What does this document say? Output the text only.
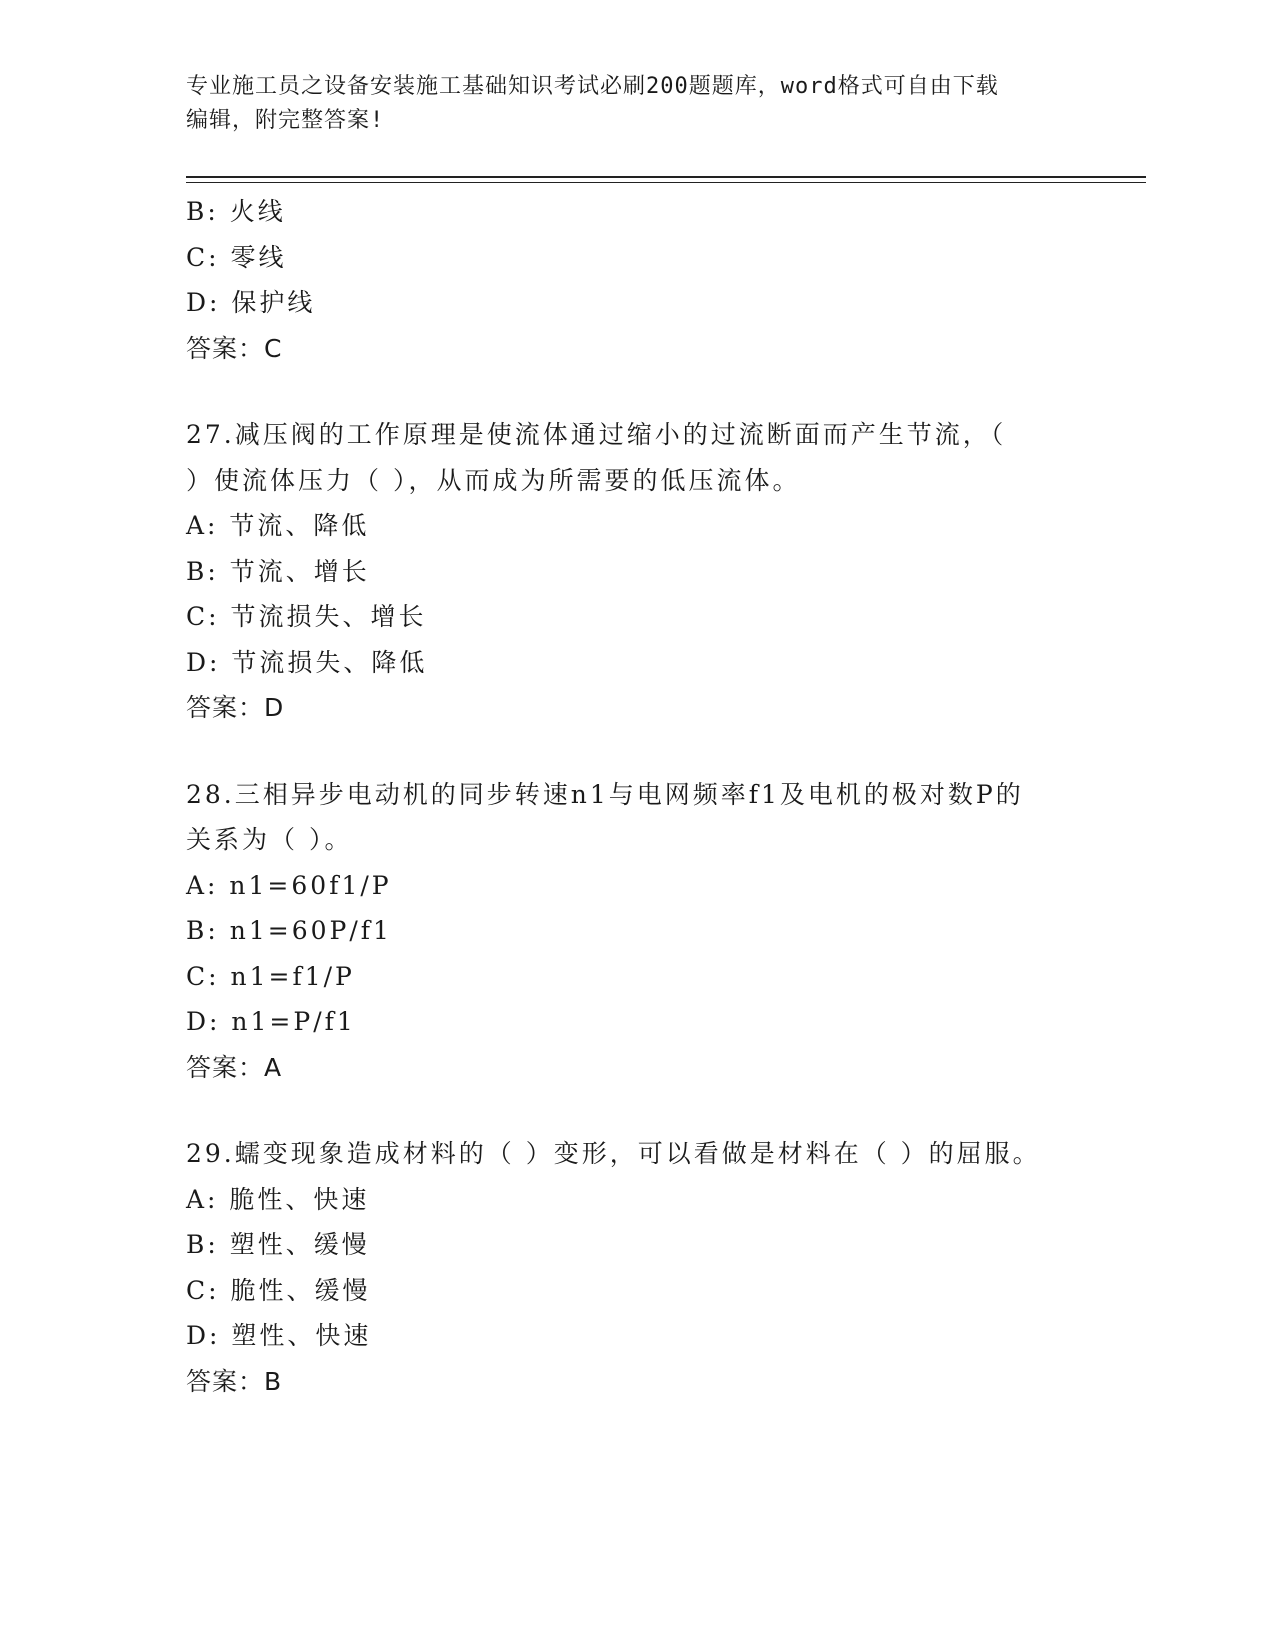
专业施工员之设备安装施工基础知识考试必刷200题题库，word格式可自由下载
编辑，附完整答案!
B: 火线
C: 零线
D: 保护线
答案：C
27.减压阀的工作原理是使流体通过缩小的过流断面而产生节流，（
）使流体压力（ ），从而成为所需要的低压流体。
A: 节流、降低
B: 节流、增长
C: 节流损失、增长
D: 节流损失、降低
答案：D
28.三相异步电动机的同步转速n1与电网频率f1及电机的极对数P的
关系为（ ）。
A: n1=60f1/P
B: n1=60P/f1
C: n1=f1/P
D: n1=P/f1
答案：A
29.蠕变现象造成材料的（ ）变形，可以看做是材料在（ ）的屈服。
A: 脆性、快速
B: 塑性、缓慢
C: 脆性、缓慢
D: 塑性、快速
答案：B
